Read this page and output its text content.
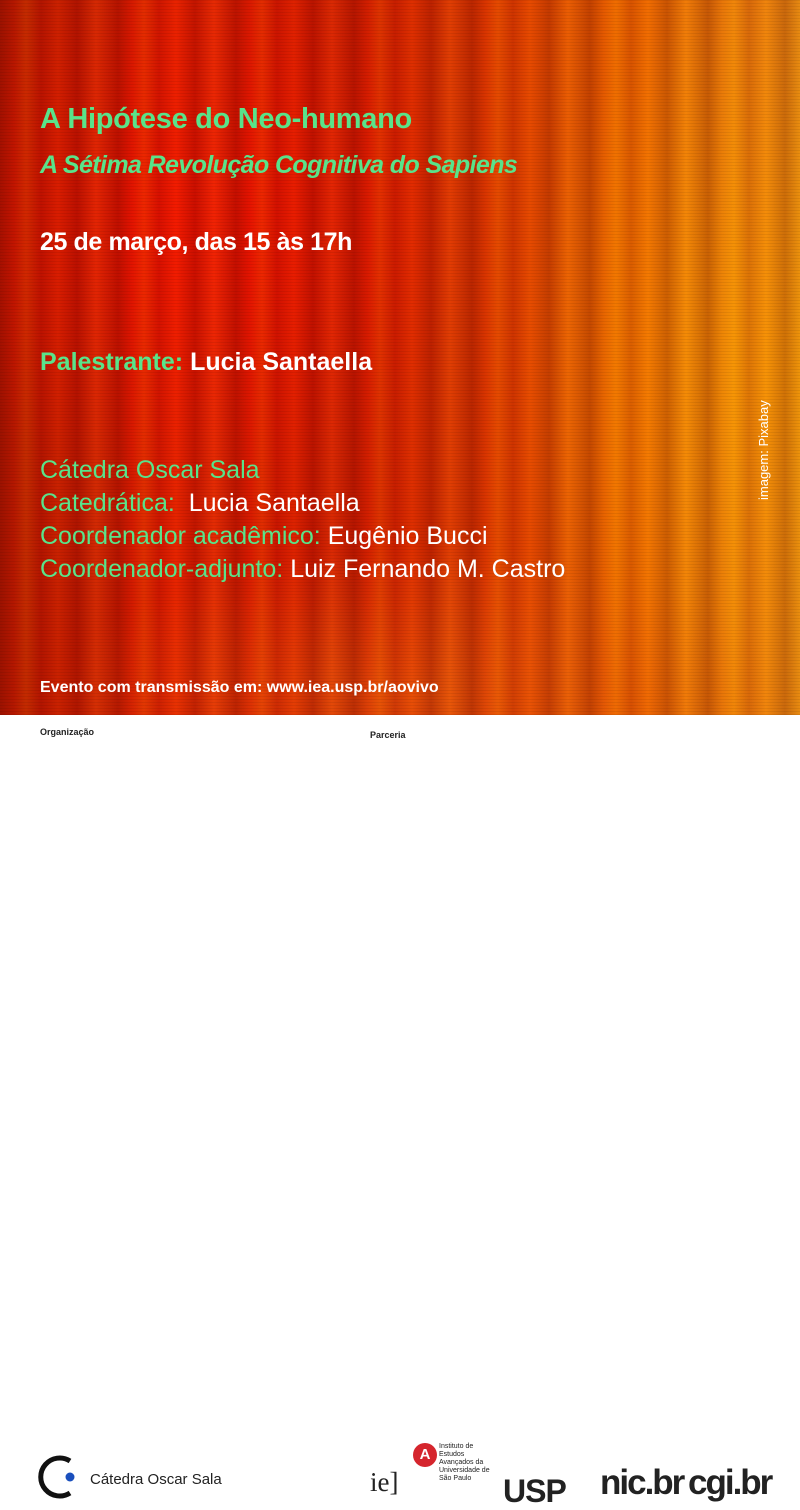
A Hipótese do Neo-humano
A Sétima Revolução Cognitiva do Sapiens
25 de março, das 15 às 17h
Palestrante: Lucia Santaella
Cátedra Oscar Sala
Catedrática: Lucia Santaella
Coordenador acadêmico: Eugênio Bucci
Coordenador-adjunto: Luiz Fernando M. Castro
imagem: Pixabay
Evento com transmissão em: www.iea.usp.br/aovivo
Organização
Cátedra Oscar Sala
Parceria
ie]
A	Instituto de
Estudos
Avançados da
Universidade de
São Paulo USP nic.br cgi.br
